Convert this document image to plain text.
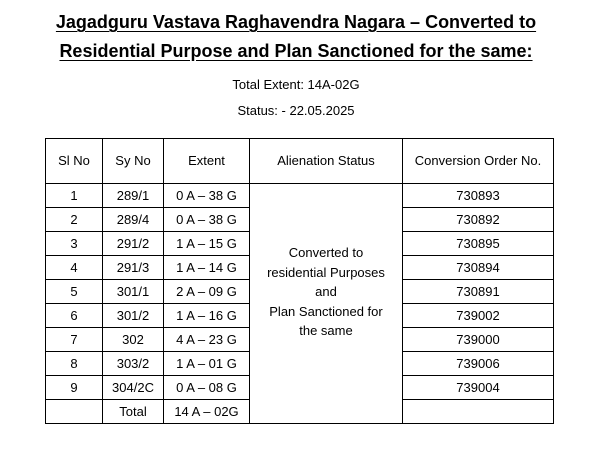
Jagadguru Vastava Raghavendra Nagara – Converted to
Residential Purpose and Plan Sanctioned for the same:
Total Extent: 14A-02G
Status: - 22.05.2025
Sl No	Sy No	Extent	Alienation Status	Conversion Order No.
1	289/1	0 A – 38 G	Converted to
residential Purposes
and
Plan Sanctioned for
the same	730893
2	289/4	0 A – 38 G		730892
3	291/2	1 A – 15 G		730895
4	291/3	1 A – 14 G		730894
5	301/1	2 A – 09 G		730891
6	301/2	1 A – 16 G		739002
7	302	4 A – 23 G		739000
8	303/2	1 A – 01 G		739006
9	304/2C	0 A – 08 G		739004
	Total	14 A – 02G		
